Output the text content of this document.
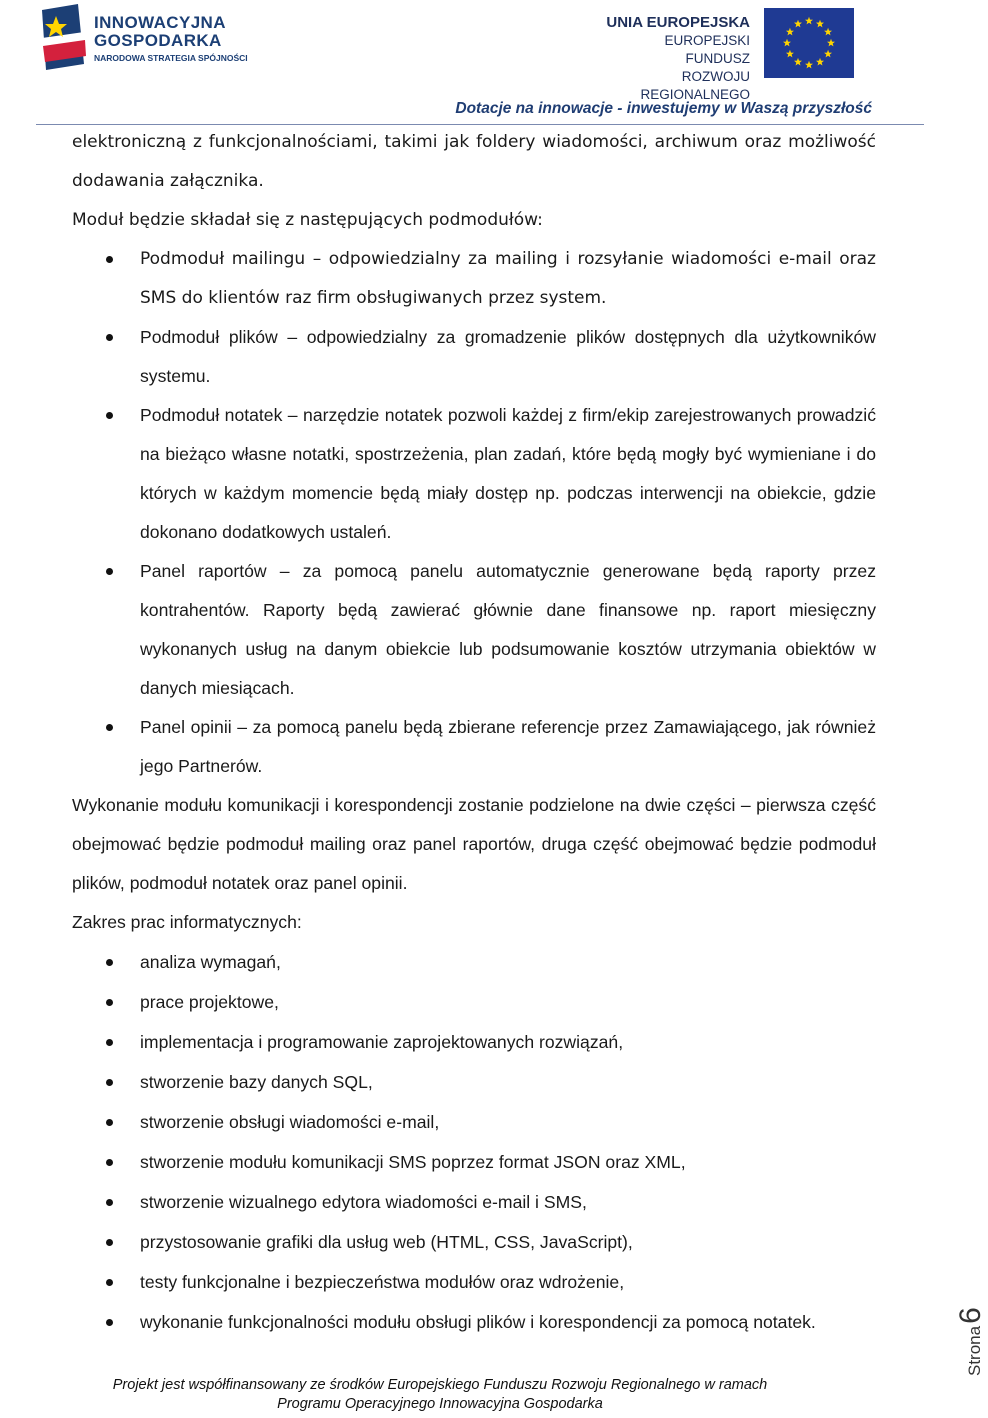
INNOWACYJNA
GOSPODARKA
NARODOWA STRATEGIA SPÓJNOŚCI
UNIA EUROPEJSKA
EUROPEJSKI FUNDUSZ
ROZWOJU REGIONALNEGO
Dotacje na innowacje - inwestujemy w Waszą przyszłość

elektroniczną z funkcjonalnościami, takimi jak foldery wiadomości, archiwum oraz możliwość dodawania załącznika.

Moduł będzie składał się z następujących podmodułów:

Podmoduł mailingu – odpowiedzialny za mailing i rozsyłanie wiadomości e-mail oraz SMS do klientów raz firm obsługiwanych przez system.
Podmoduł plików – odpowiedzialny za gromadzenie plików dostępnych dla użytkowników systemu.
Podmoduł notatek – narzędzie notatek pozwoli każdej z firm/ekip zarejestrowanych prowadzić na bieżąco własne notatki, spostrzeżenia, plan zadań, które będą mogły być wymieniane i do których w każdym momencie będą miały dostęp np. podczas interwencji na obiekcie, gdzie dokonano dodatkowych ustaleń.
Panel raportów – za pomocą panelu automatycznie generowane będą raporty przez kontrahentów. Raporty będą zawierać głównie dane finansowe np. raport miesięczny wykonanych usług na danym obiekcie lub podsumowanie kosztów utrzymania obiektów w danych miesiącach.
Panel opinii – za pomocą panelu będą zbierane referencje przez Zamawiającego, jak również jego Partnerów.

Wykonanie modułu komunikacji i korespondencji zostanie podzielone na dwie części – pierwsza część obejmować będzie podmoduł mailing oraz panel raportów, druga część obejmować będzie podmoduł plików, podmoduł notatek oraz panel opinii.

Zakres prac informatycznych:

analiza wymagań,
prace projektowe,
implementacja i programowanie zaprojektowanych rozwiązań,
stworzenie bazy danych SQL,
stworzenie obsługi wiadomości e-mail,
stworzenie modułu komunikacji SMS poprzez format JSON oraz XML,
stworzenie wizualnego edytora wiadomości e-mail i SMS,
przystosowanie grafiki dla usług web (HTML, CSS, JavaScript),
testy funkcjonalne i bezpieczeństwa modułów oraz wdrożenie,
wykonanie funkcjonalności modułu obsługi plików i korespondencji za pomocą notatek.
Strona6
Projekt jest współfinansowany ze środków Europejskiego Funduszu Rozwoju Regionalnego w ramach
Programu Operacyjnego Innowacyjna Gospodarka
